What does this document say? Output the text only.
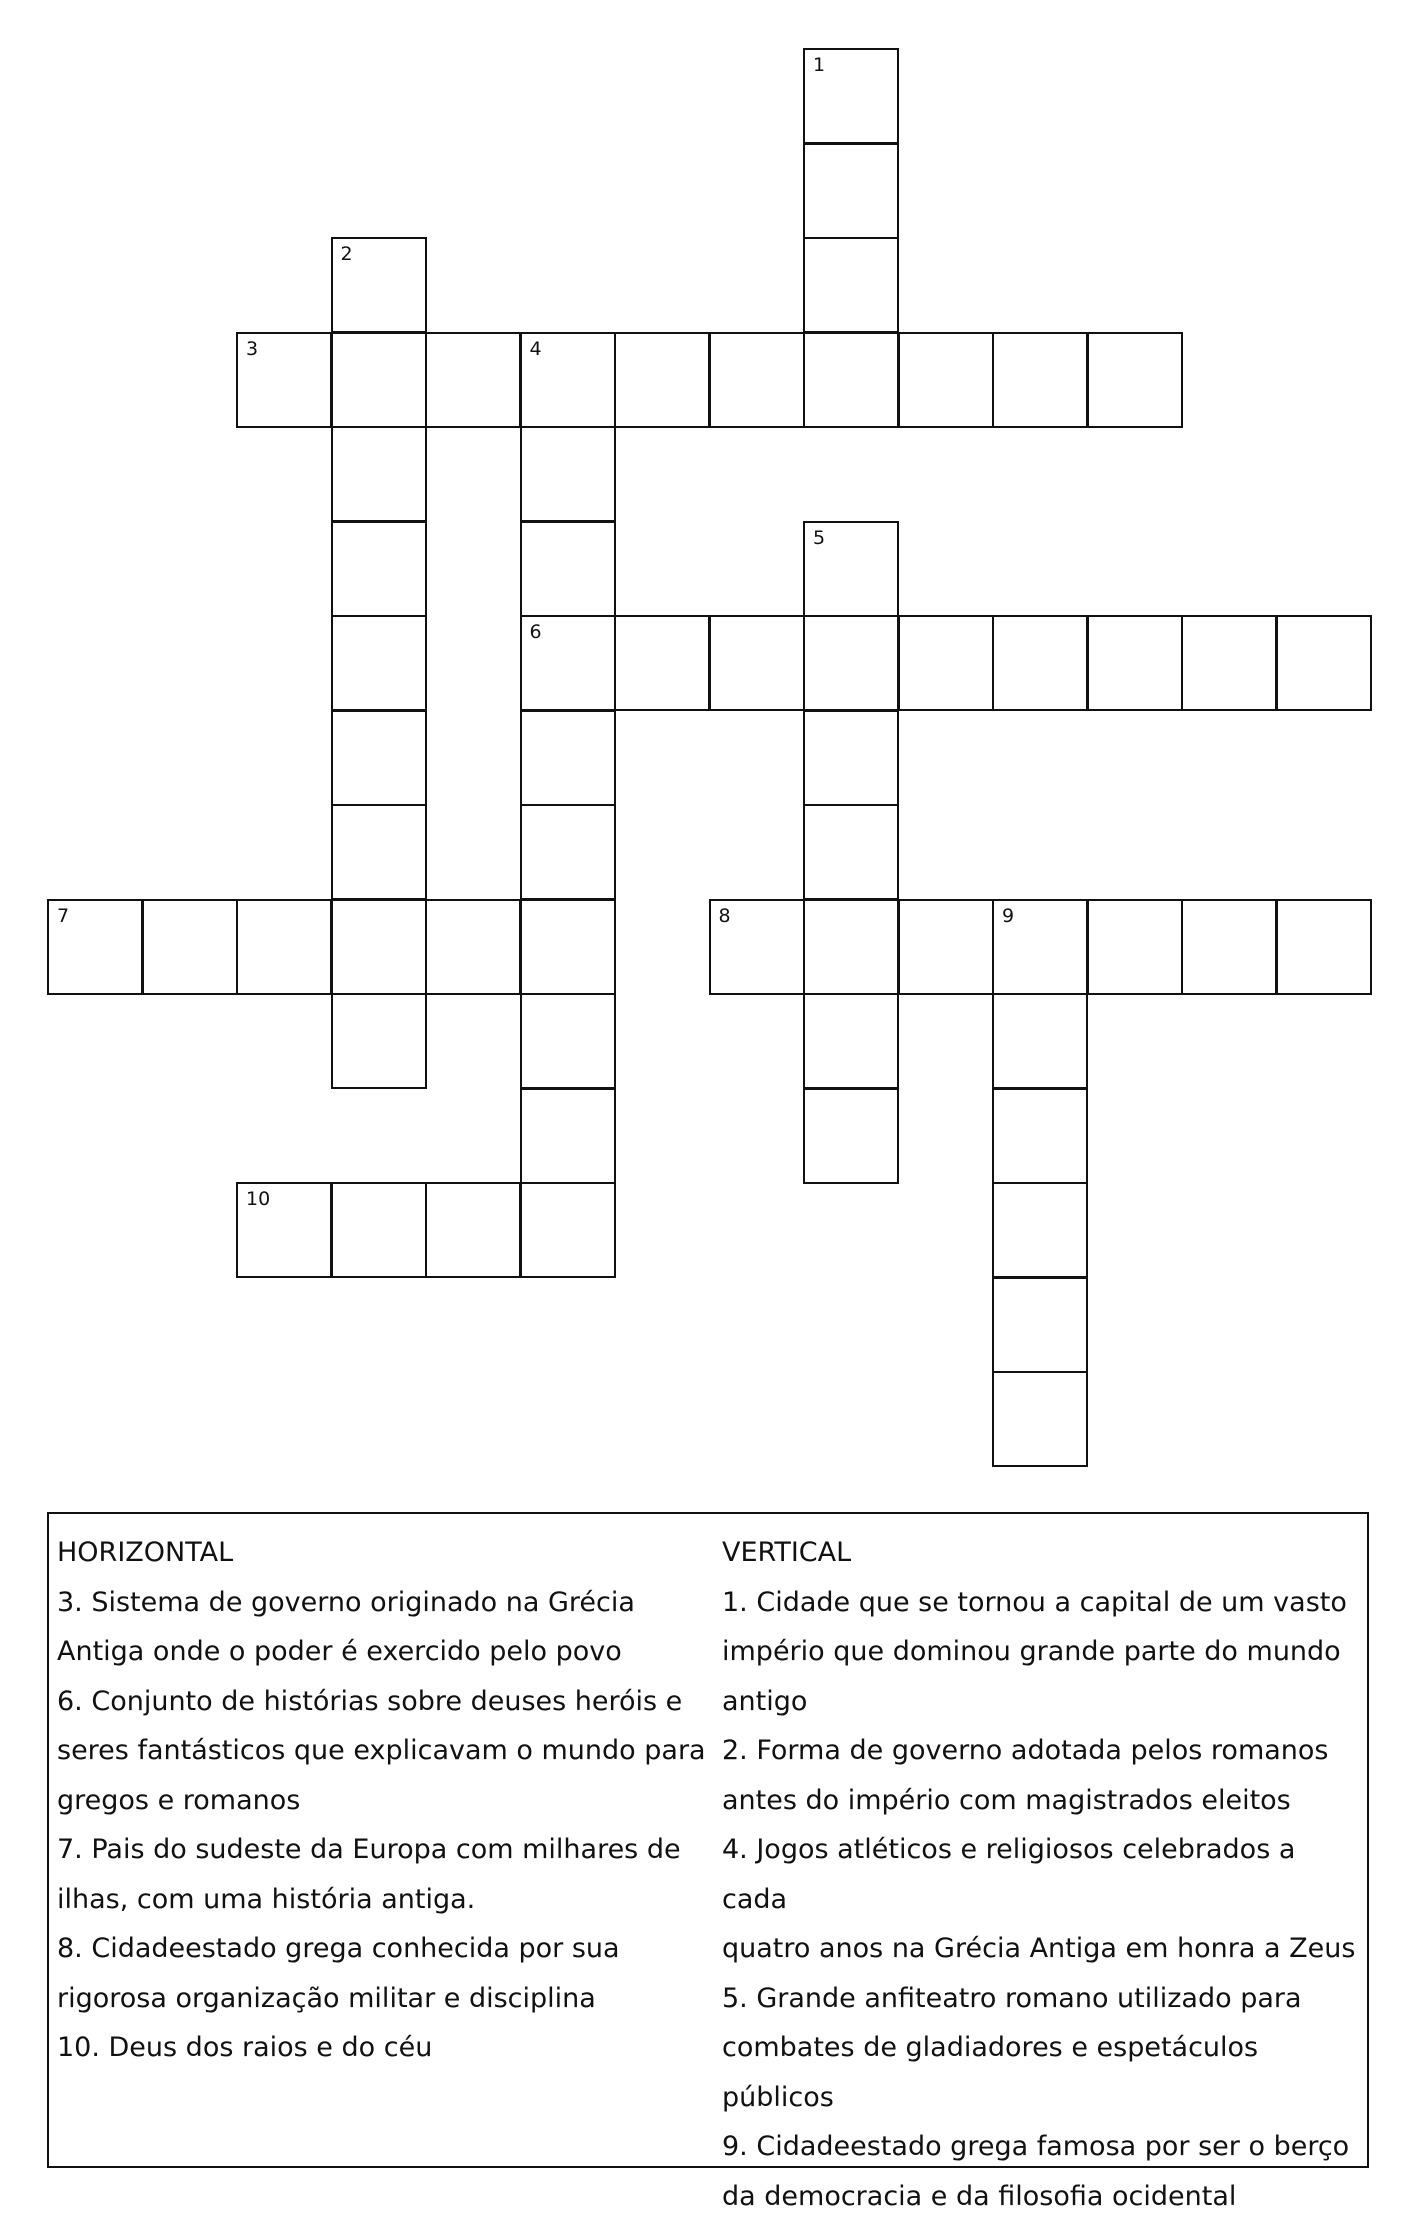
1
2
3	4
5
6
7	8	9
10
HORIZONTAL
3. Sistema de governo originado na Grécia
Antiga onde o poder é exercido pelo povo
6. Conjunto de histórias sobre deuses heróis e
seres fantásticos que explicavam o mundo para
gregos e romanos
7. Pais do sudeste da Europa com milhares de
ilhas, com uma história antiga.
8. Cidadeestado grega conhecida por sua
rigorosa organização militar e disciplina
10. Deus dos raios e do céu
VERTICAL
1. Cidade que se tornou a capital de um vasto
império que dominou grande parte do mundo
antigo
2. Forma de governo adotada pelos romanos
antes do império com magistrados eleitos
4. Jogos atléticos e religiosos celebrados a cada
quatro anos na Grécia Antiga em honra a Zeus
5. Grande anfiteatro romano utilizado para
combates de gladiadores e espetáculos públicos
9. Cidadeestado grega famosa por ser o berço
da democracia e da filosofia ocidental
